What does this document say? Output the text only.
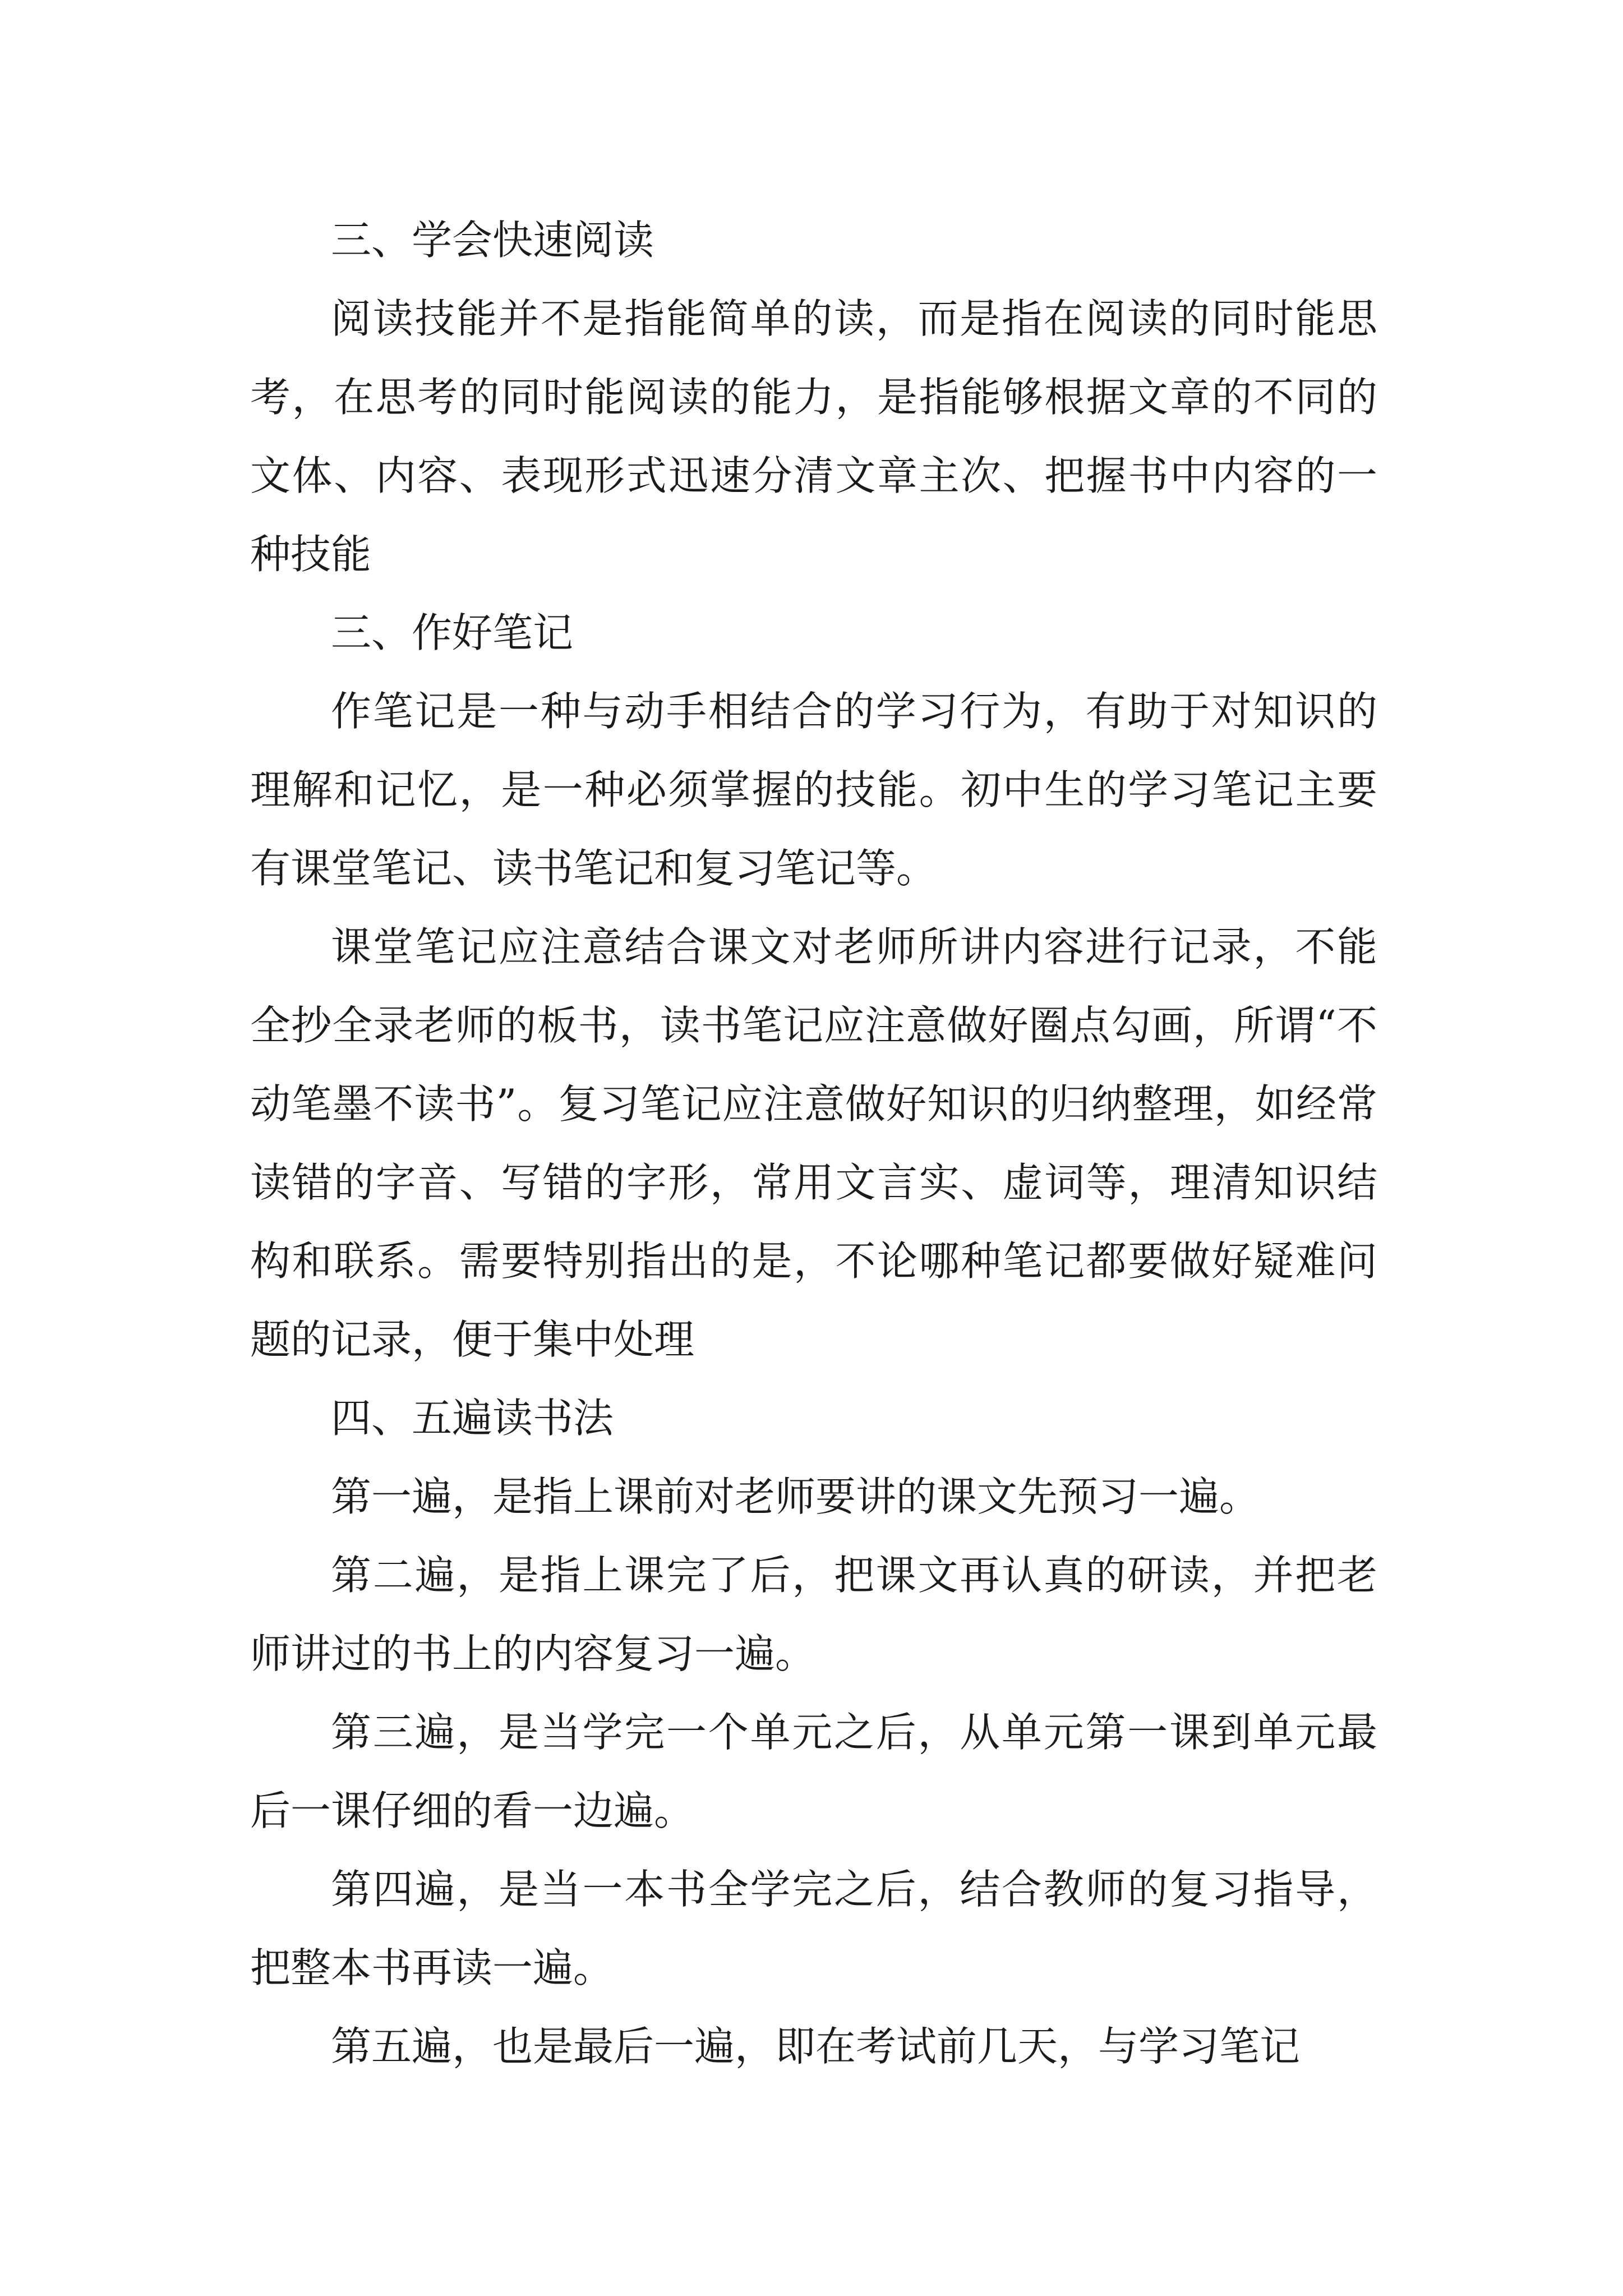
三、学会快速阅读

阅读技能并不是指能简单的读，而是指在阅读的同时能思考，在思考的同时能阅读的能力，是指能够根据文章的不同的文体、内容、表现形式迅速分清文章主次、把握书中内容的一种技能

三、作好笔记

作笔记是一种与动手相结合的学习行为，有助于对知识的理解和记忆，是一种必须掌握的技能。初中生的学习笔记主要有课堂笔记、读书笔记和复习笔记等。

课堂笔记应注意结合课文对老师所讲内容进行记录，不能全抄全录老师的板书，读书笔记应注意做好圈点勾画，所谓“不动笔墨不读书”。复习笔记应注意做好知识的归纳整理，如经常读错的字音、写错的字形，常用文言实、虚词等，理清知识结构和联系。需要特别指出的是，不论哪种笔记都要做好疑难问题的记录，便于集中处理

四、五遍读书法

第一遍，是指上课前对老师要讲的课文先预习一遍。

第二遍，是指上课完了后，把课文再认真的研读，并把老师讲过的书上的内容复习一遍。

第三遍，是当学完一个单元之后，从单元第一课到单元最后一课仔细的看一边遍。

第四遍，是当一本书全学完之后，结合教师的复习指导，把整本书再读一遍。

第五遍，也是最后一遍，即在考试前几天，与学习笔记
